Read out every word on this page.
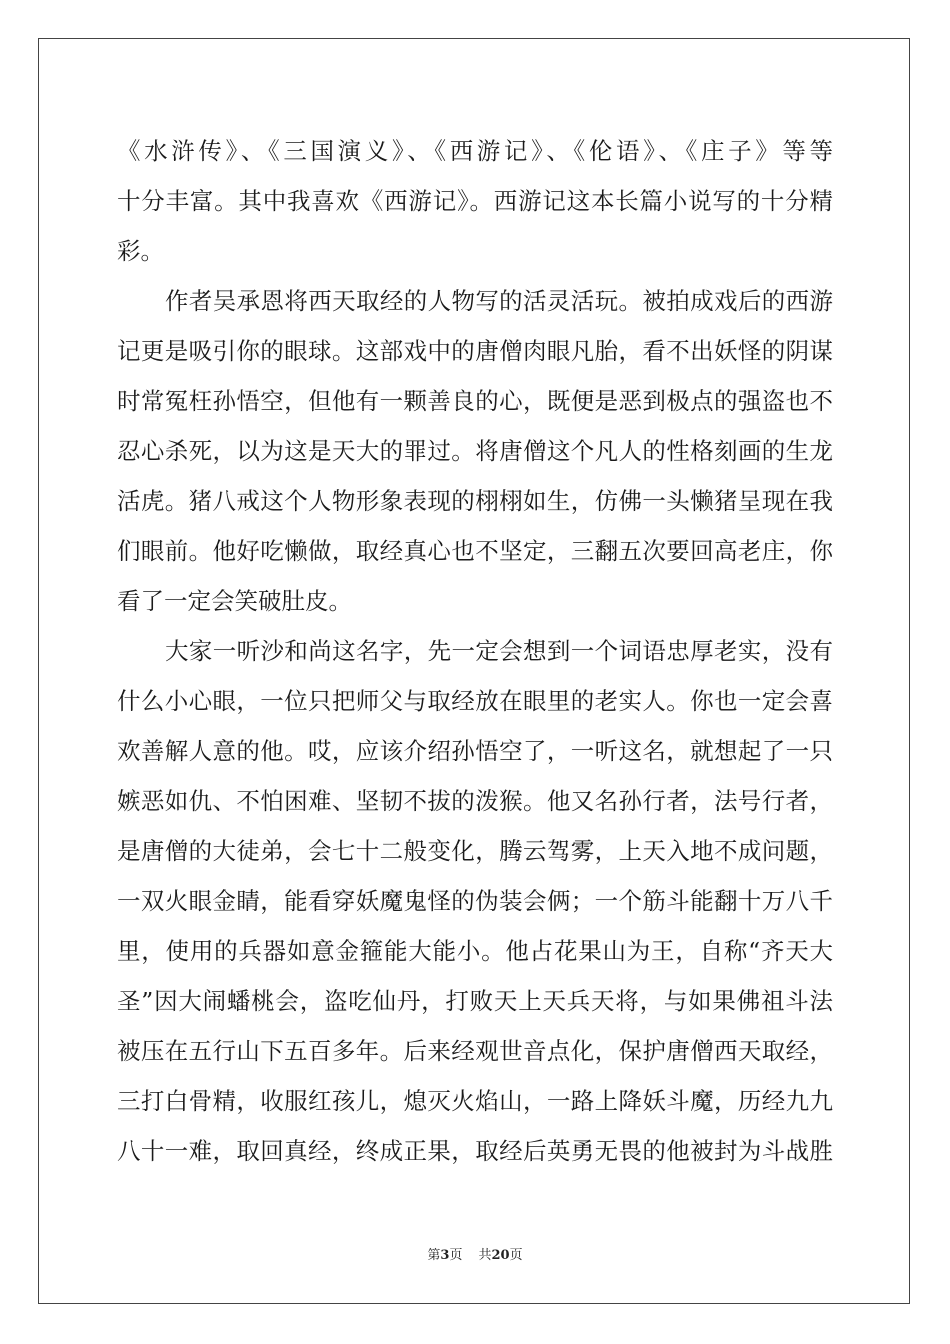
《水浒传》、《三国演义》、《西游记》、《伦语》、《庄子》等等
十分丰富。其中我喜欢《西游记》。西游记这本长篇小说写的十分精
彩。
作者吴承恩将西天取经的人物写的活灵活玩。被拍成戏后的西游
记更是吸引你的眼球。这部戏中的唐僧肉眼凡胎，看不出妖怪的阴谋
时常冤枉孙悟空，但他有一颗善良的心，既便是恶到极点的强盗也不
忍心杀死，以为这是天大的罪过。将唐僧这个凡人的性格刻画的生龙
活虎。猪八戒这个人物形象表现的栩栩如生，仿佛一头懒猪呈现在我
们眼前。他好吃懒做，取经真心也不坚定，三翻五次要回高老庄，你
看了一定会笑破肚皮。
大家一听沙和尚这名字，先一定会想到一个词语忠厚老实，没有
什么小心眼，一位只把师父与取经放在眼里的老实人。你也一定会喜
欢善解人意的他。哎，应该介绍孙悟空了，一听这名，就想起了一只
嫉恶如仇、不怕困难、坚韧不拔的泼猴。他又名孙行者，法号行者，
是唐僧的大徒弟，会七十二般变化，腾云驾雾，上天入地不成问题，
一双火眼金睛，能看穿妖魔鬼怪的伪装会俩；一个筋斗能翻十万八千
里，使用的兵器如意金箍能大能小。他占花果山为王，自称“齐天大
圣”因大闹蟠桃会，盗吃仙丹，打败天上天兵天将，与如果佛祖斗法
被压在五行山下五百多年。后来经观世音点化，保护唐僧西天取经，
三打白骨精，收服红孩儿，熄灭火焰山，一路上降妖斗魔，历经九九
八十一难，取回真经，终成正果，取经后英勇无畏的他被封为斗战胜
第3页 共20页
